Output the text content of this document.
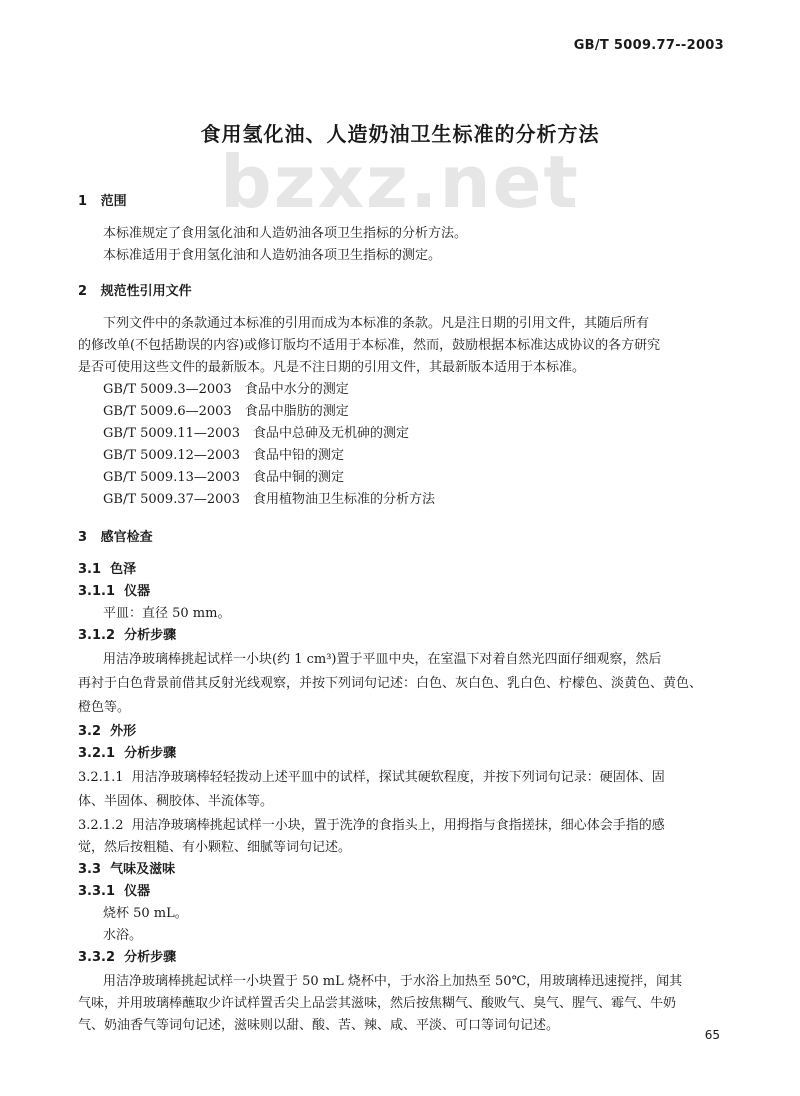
GB/T 5009.77--2003
bzxz.net
食用氢化油、人造奶油卫生标准的分析方法
1 范围
本标准规定了食用氢化油和人造奶油各项卫生指标的分析方法。
本标准适用于食用氢化油和人造奶油各项卫生指标的测定。
2 规范性引用文件
下列文件中的条款通过本标准的引用而成为本标准的条款。凡是注日期的引用文件，其随后所有
的修改单(不包括勘误的内容)或修订版均不适用于本标准，然而，鼓励根据本标准达成协议的各方研究
是否可使用这些文件的最新版本。凡是不注日期的引用文件，其最新版本适用于本标准。
GB/T 5009.3—2003　食品中水分的测定
GB/T 5009.6—2003　食品中脂肪的测定
GB/T 5009.11—2003　食品中总砷及无机砷的测定
GB/T 5009.12—2003　食品中铅的测定
GB/T 5009.13—2003　食品中铜的测定
GB/T 5009.37—2003　食用植物油卫生标准的分析方法
3 感官检查
3.1 色泽
3.1.1 仪器
平皿：直径 50 mm。
3.1.2 分析步骤
用洁净玻璃棒挑起试样一小块(约 1 cm³)置于平皿中央，在室温下对着自然光四面仔细观察，然后
再衬于白色背景前借其反射光线观察，并按下列词句记述：白色、灰白色、乳白色、柠檬色、淡黄色、黄色、
橙色等。
3.2 外形
3.2.1 分析步骤
3.2.1.1 用洁净玻璃棒轻轻拨动上述平皿中的试样，探试其硬软程度，并按下列词句记录：硬固体、固
体、半固体、稠胶体、半流体等。
3.2.1.2 用洁净玻璃棒挑起试样一小块，置于洗净的食指头上，用拇指与食指搓抹，细心体会手指的感
觉，然后按粗糙、有小颗粒、细腻等词句记述。
3.3 气味及滋味
3.3.1 仪器
烧杯 50 mL。
水浴。
3.3.2 分析步骤
用洁净玻璃棒挑起试样一小块置于 50 mL 烧杯中，于水浴上加热至 50℃，用玻璃棒迅速搅拌，闻其
气味，并用玻璃棒蘸取少许试样置舌尖上品尝其滋味，然后按焦糊气、酸败气、臭气、腥气、霉气、牛奶
气、奶油香气等词句记述，滋味则以甜、酸、苦、辣、咸、平淡、可口等词句记述。
65
